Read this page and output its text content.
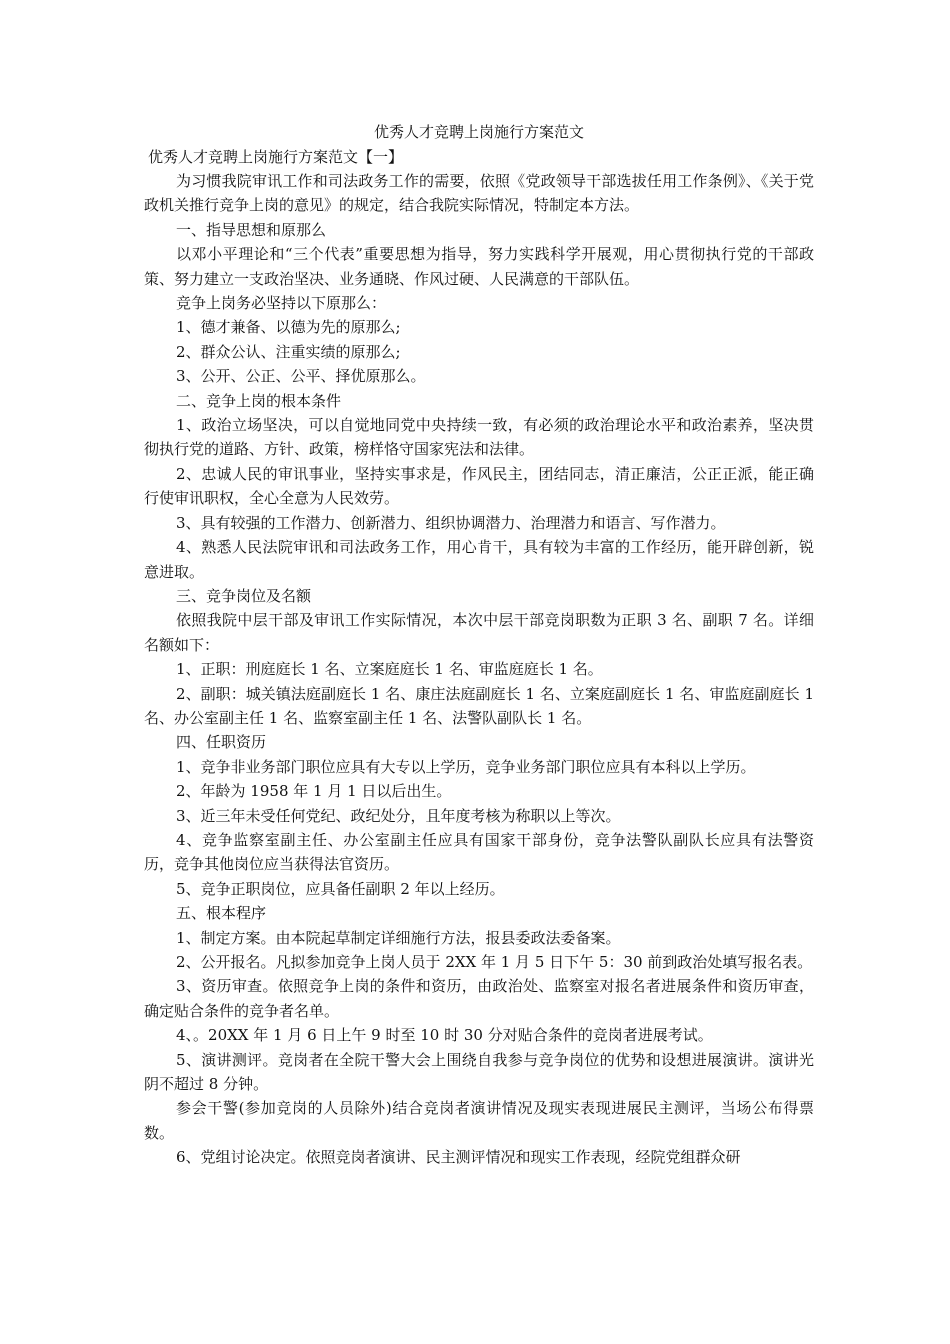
优秀人才竞聘上岗施行方案范文
优秀人才竞聘上岗施行方案范文【一】

为习惯我院审讯工作和司法政务工作的需要，依照《党政领导干部选拔任用工作条例》、《关于党政机关推行竞争上岗的意见》的规定，结合我院实际情况，特制定本方法。

一、指导思想和原那么

以邓小平理论和“三个代表”重要思想为指导，努力实践科学开展观，用心贯彻执行党的干部政策、努力建立一支政治坚决、业务通晓、作风过硬、人民满意的干部队伍。

竞争上岗务必坚持以下原那么：

1、德才兼备、以德为先的原那么;

2、群众公认、注重实绩的原那么;

3、公开、公正、公平、择优原那么。

二、竞争上岗的根本条件

1、政治立场坚决，可以自觉地同党中央持续一致，有必须的政治理论水平和政治素养，坚决贯彻执行党的道路、方针、政策，榜样恪守国家宪法和法律。

2、忠诚人民的审讯事业，坚持实事求是，作风民主，团结同志，清正廉洁，公正正派，能正确行使审讯职权，全心全意为人民效劳。

3、具有较强的工作潜力、创新潜力、组织协调潜力、治理潜力和语言、写作潜力。

4、熟悉人民法院审讯和司法政务工作，用心肯干，具有较为丰富的工作经历，能开辟创新，锐意进取。

三、竞争岗位及名额

依照我院中层干部及审讯工作实际情况，本次中层干部竞岗职数为正职 3 名、副职 7 名。详细名额如下：

1、正职：刑庭庭长 1 名、立案庭庭长 1 名、审监庭庭长 1 名。

2、副职：城关镇法庭副庭长 1 名、康庄法庭副庭长 1 名、立案庭副庭长 1 名、审监庭副庭长 1 名、办公室副主任 1 名、监察室副主任 1 名、法警队副队长 1 名。

四、任职资历

1、竞争非业务部门职位应具有大专以上学历，竞争业务部门职位应具有本科以上学历。

2、年龄为 1958 年 1 月 1 日以后出生。

3、近三年未受任何党纪、政纪处分，且年度考核为称职以上等次。

4、竞争监察室副主任、办公室副主任应具有国家干部身份，竞争法警队副队长应具有法警资历，竞争其他岗位应当获得法官资历。

5、竞争正职岗位，应具备任副职 2 年以上经历。

五、根本程序

1、制定方案。由本院起草制定详细施行方法，报县委政法委备案。

2、公开报名。凡拟参加竞争上岗人员于 2XX 年 1 月 5 日下午 5：30 前到政治处填写报名表。

3、资历审查。依照竞争上岗的条件和资历，由政治处、监察室对报名者进展条件和资历审查，确定贴合条件的竞争者名单。

4、。20XX 年 1 月 6 日上午 9 时至 10 时 30 分对贴合条件的竞岗者进展考试。

5、演讲测评。竞岗者在全院干警大会上围绕自我参与竞争岗位的优势和设想进展演讲。演讲光阴不超过 8 分钟。

参会干警(参加竞岗的人员除外)结合竞岗者演讲情况及现实表现进展民主测评，当场公布得票数。

6、党组讨论决定。依照竞岗者演讲、民主测评情况和现实工作表现，经院党组群众研
